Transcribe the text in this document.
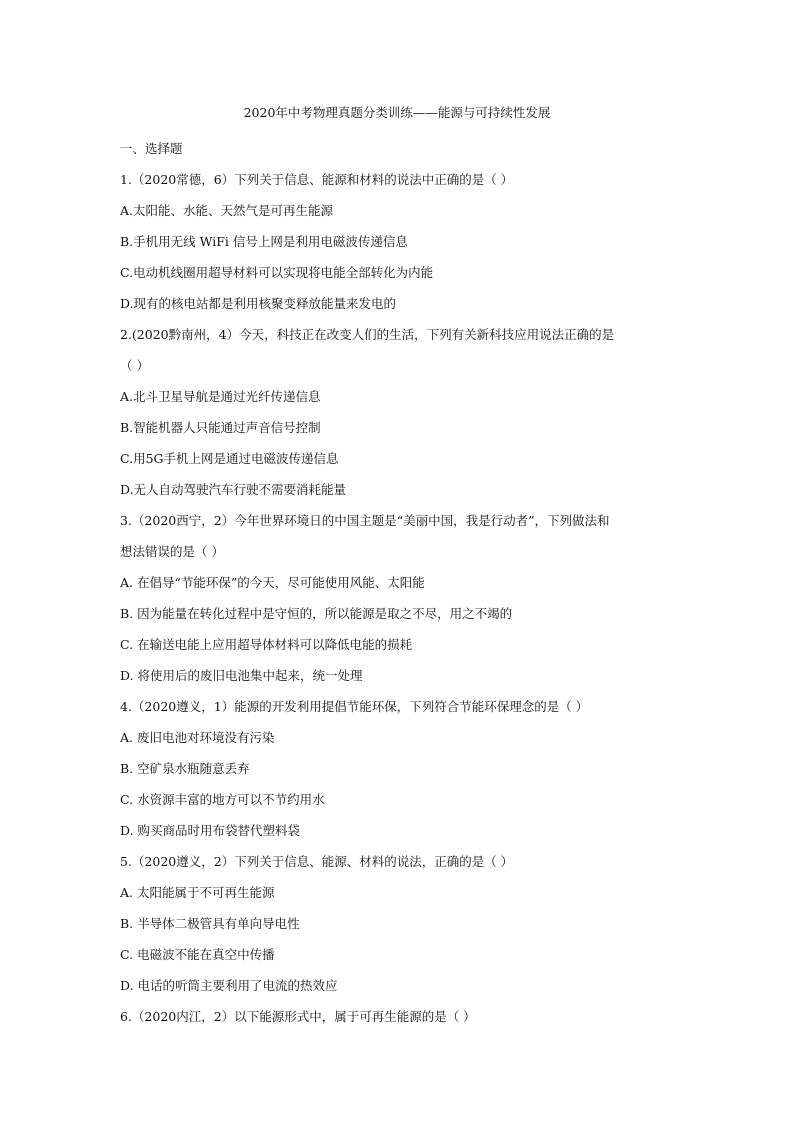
2020年中考物理真题分类训练——能源与可持续性发展
一、选择题
1.（2020常德，6）下列关于信息、能源和材料的说法中正确的是（ ）
A.太阳能、水能、天然气是可再生能源
B.手机用无线 WiFi 信号上网是利用电磁波传递信息
C.电动机线圈用超导材料可以实现将电能全部转化为内能
D.现有的核电站都是利用核聚变释放能量来发电的
2.(2020黔南州，4）今天，科技正在改变人们的生活，下列有关新科技应用说法正确的是
（ ）
A.北斗卫星导航是通过光纤传递信息
B.智能机器人只能通过声音信号控制
C.用5G手机上网是通过电磁波传递信息
D.无人自动驾驶汽车行驶不需要消耗能量
3.（2020西宁，2）今年世界环境日的中国主题是“美丽中国，我是行动者”，下列做法和
想法错误的是（ ）
A. 在倡导“节能环保”的今天，尽可能使用风能、太阳能
B. 因为能量在转化过程中是守恒的，所以能源是取之不尽，用之不竭的
C. 在输送电能上应用超导体材料可以降低电能的损耗
D. 将使用后的废旧电池集中起来，统一处理
4.（2020遵义，1）能源的开发利用提倡节能环保，下列符合节能环保理念的是（ ）
A. 废旧电池对环境没有污染
B. 空矿泉水瓶随意丢弃
C. 水资源丰富的地方可以不节约用水
D. 购买商品时用布袋替代塑料袋
5.（2020遵义，2）下列关于信息、能源、材料的说法，正确的是（ ）
A. 太阳能属于不可再生能源
B. 半导体二极管具有单向导电性
C. 电磁波不能在真空中传播
D. 电话的听筒主要利用了电流的热效应
6.（2020内江，2）以下能源形式中，属于可再生能源的是（ ）
